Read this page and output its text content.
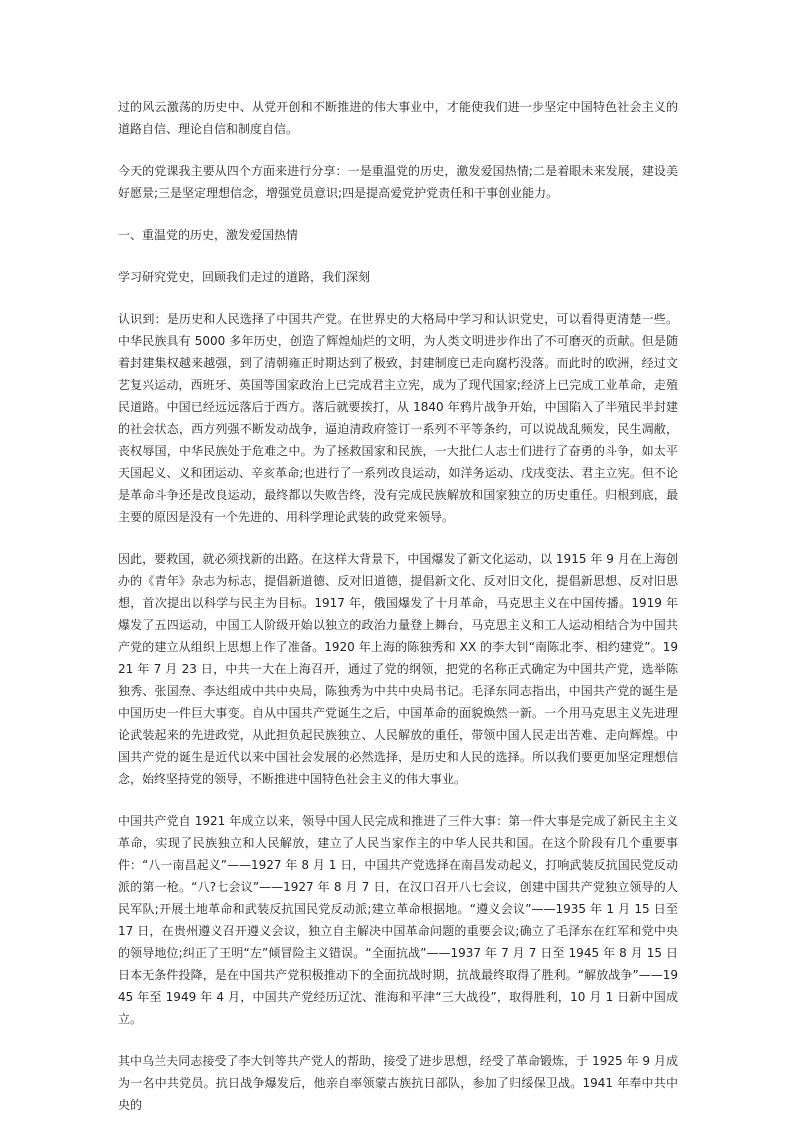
过的风云激荡的历史中、从党开创和不断推进的伟大事业中，才能使我们进一步坚定中国特色社会主义的道路自信、理论自信和制度自信。

今天的党课我主要从四个方面来进行分享：一是重温党的历史，激发爱国热情;二是着眼未来发展，建设美好愿景;三是坚定理想信念，增强党员意识;四是提高爱党护党责任和干事创业能力。

一、重温党的历史，激发爱国热情

学习研究党史，回顾我们走过的道路，我们深刻

认识到：是历史和人民选择了中国共产党。在世界史的大格局中学习和认识党史，可以看得更清楚一些。中华民族具有 5000 多年历史，创造了辉煌灿烂的文明，为人类文明进步作出了不可磨灭的贡献。但是随着封建集权越来越强，到了清朝雍正时期达到了极致，封建制度已走向腐朽没落。而此时的欧洲，经过文艺复兴运动，西班牙、英国等国家政治上已完成君主立宪，成为了现代国家;经济上已完成工业革命，走殖民道路。中国已经远远落后于西方。落后就要挨打，从 1840 年鸦片战争开始，中国陷入了半殖民半封建的社会状态，西方列强不断发动战争，逼迫清政府签订一系列不平等条约，可以说战乱频发，民生凋敝，丧权辱国，中华民族处于危难之中。为了拯救国家和民族，一大批仁人志士们进行了奋勇的斗争，如太平天国起义、义和团运动、辛亥革命;也进行了一系列改良运动，如洋务运动、戊戌变法、君主立宪。但不论是革命斗争还是改良运动，最终都以失败告终，没有完成民族解放和国家独立的历史重任。归根到底，最主要的原因是没有一个先进的、用科学理论武装的政党来领导。

因此，要救国，就必须找新的出路。在这样大背景下，中国爆发了新文化运动，以 1915 年 9 月在上海创办的《青年》杂志为标志，提倡新道德、反对旧道德，提倡新文化、反对旧文化，提倡新思想、反对旧思想，首次提出以科学与民主为目标。1917 年，俄国爆发了十月革命，马克思主义在中国传播。1919 年爆发了五四运动，中国工人阶级开始以独立的政治力量登上舞台，马克思主义和工人运动相结合为中国共产党的建立从组织上思想上作了准备。1920 年上海的陈独秀和 XX 的李大钊“南陈北李、相约建党”。1921 年 7 月 23 日，中共一大在上海召开，通过了党的纲领，把党的名称正式确定为中国共产党，选举陈独秀、张国焘、李达组成中共中央局，陈独秀为中共中央局书记。毛泽东同志指出，中国共产党的诞生是中国历史一件巨大事变。自从中国共产党诞生之后，中国革命的面貌焕然一新。一个用马克思主义先进理论武装起来的先进政党，从此担负起民族独立、人民解放的重任，带领中国人民走出苦难、走向辉煌。中国共产党的诞生是近代以来中国社会发展的必然选择，是历史和人民的选择。所以我们要更加坚定理想信念，始终坚持党的领导，不断推进中国特色社会主义的伟大事业。

中国共产党自 1921 年成立以来，领导中国人民完成和推进了三件大事：第一件大事是完成了新民主主义革命，实现了民族独立和人民解放，建立了人民当家作主的中华人民共和国。在这个阶段有几个重要事件：“八一南昌起义”——1927 年 8 月 1 日，中国共产党选择在南昌发动起义，打响武装反抗国民党反动派的第一枪。“八?七会议”——1927 年 8 月 7 日，在汉口召开八七会议，创建中国共产党独立领导的人民军队;开展土地革命和武装反抗国民党反动派;建立革命根据地。“遵义会议”——1935 年 1 月 15 日至 17 日，在贵州遵义召开遵义会议，独立自主解决中国革命问题的重要会议;确立了毛泽东在红军和党中央的领导地位;纠正了王明“左”倾冒险主义错误。“全面抗战”——1937 年 7 月 7 日至 1945 年 8 月 15 日日本无条件投降，是在中国共产党积极推动下的全面抗战时期，抗战最终取得了胜利。“解放战争”——1945 年至 1949 年 4 月，中国共产党经历辽沈、淮海和平津“三大战役”，取得胜利，10 月 1 日新中国成立。

其中乌兰夫同志接受了李大钊等共产党人的帮助，接受了进步思想，经受了革命锻炼，于 1925 年 9 月成为一名中共党员。抗日战争爆发后，他亲自率领蒙古族抗日部队，参加了归绥保卫战。1941 年奉中共中央的
